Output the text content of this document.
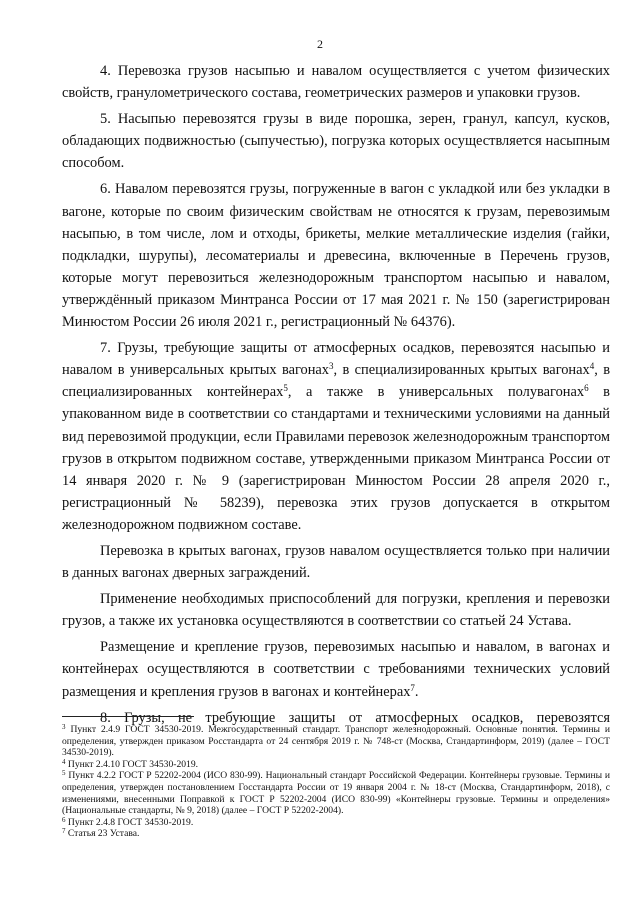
2

4. Перевозка грузов насыпью и навалом осуществляется с учетом физических свойств, гранулометрического состава, геометрических размеров и упаковки грузов.

5. Насыпью перевозятся грузы в виде порошка, зерен, гранул, капсул, кусков, обладающих подвижностью (сыпучестью), погрузка которых осуществляется насыпным способом.

6. Навалом перевозятся грузы, погруженные в вагон с укладкой или без укладки в вагоне, которые по своим физическим свойствам не относятся к грузам, перевозимым насыпью, в том числе, лом и отходы, брикеты, мелкие металлические изделия (гайки, подкладки, шурупы), лесоматериалы и древесина, включенные в Перечень грузов, которые могут перевозиться железнодорожным транспортом насыпью и навалом, утверждённый приказом Минтранса России от 17 мая 2021 г. № 150 (зарегистрирован Минюстом России 26 июля 2021 г., регистрационный № 64376).

7. Грузы, требующие защиты от атмосферных осадков, перевозятся насыпью и навалом в универсальных крытых вагонах$^3$, в специализированных крытых вагонах$^4$, в специализированных контейнерах$^5$, а также в универсальных полувагонах$^6$ в упакованном виде в соответствии со стандартами и техническими условиями на данный вид перевозимой продукции, если Правилами перевозок железнодорожным транспортом грузов в открытом подвижном составе, утвержденными приказом Минтранса России от 14 января 2020 г. № 9 (зарегистрирован Минюстом России 28 апреля 2020 г., регистрационный № 58239), перевозка этих грузов допускается в открытом железнодорожном подвижном составе.

Перевозка в крытых вагонах, грузов навалом осуществляется только при наличии в данных вагонах дверных заграждений.

Применение необходимых приспособлений для погрузки, крепления и перевозки грузов, а также их установка осуществляются в соответствии со статьей 24 Устава.

Размещение и крепление грузов, перевозимых насыпью и навалом, в вагонах и контейнерах осуществляются в соответствии с требованиями технических условий размещения и крепления грузов в вагонах и контейнерах$^7$.

8. Грузы, не требующие защиты от атмосферных осадков, перевозятся

$^3$ Пункт 2.4.9 ГОСТ 34530-2019. Межгосударственный стандарт. Транспорт железнодорожный. Основные понятия. Термины и определения, утвержден приказом Росстандарта от 24 сентября 2019 г. № 748-ст (Москва, Стандартинформ, 2019) (далее – ГОСТ 34530-2019).

$^4$ Пункт 2.4.10 ГОСТ 34530-2019.

$^5$ Пункт 4.2.2 ГОСТ Р 52202-2004 (ИСО 830-99). Национальный стандарт Российской Федерации. Контейнеры грузовые. Термины и определения, утвержден постановлением Госстандарта России от 19 января 2004 г. № 18-ст (Москва, Стандартинформ, 2018), с изменениями, внесенными Поправкой к ГОСТ Р 52202-2004 (ИСО 830-99) «Контейнеры грузовые. Термины и определения» (Национальные стандарты, № 9, 2018) (далее – ГОСТ Р 52202-2004).

$^6$ Пункт 2.4.8 ГОСТ 34530-2019.

$^7$ Статья 23 Устава.
